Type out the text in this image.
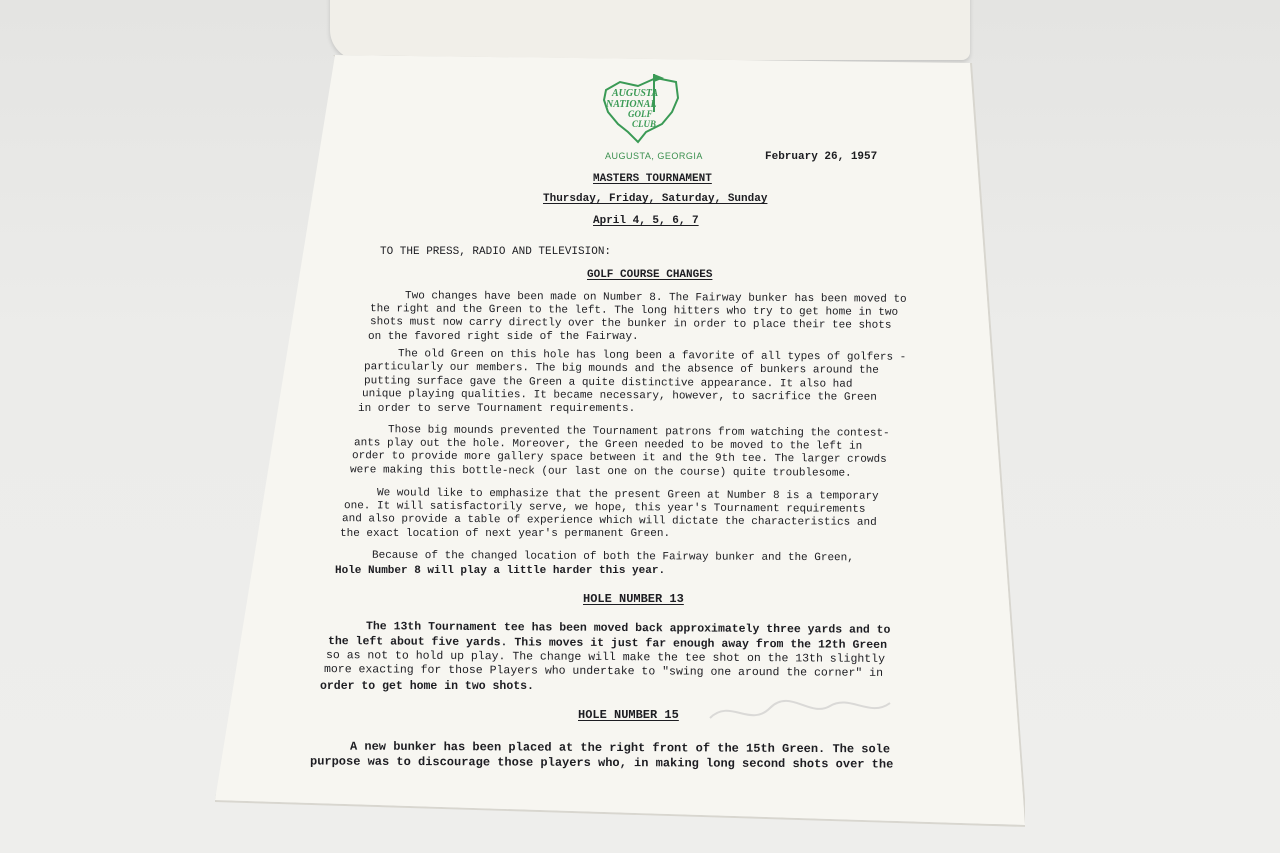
AUGUSTA
NATIONAL
GOLF
CLUB
AUGUSTA, GEORGIA	February 26, 1957
MASTERS TOURNAMENT
Thursday, Friday, Saturday, Sunday
April 4, 5, 6, 7
TO THE PRESS, RADIO AND TELEVISION:
GOLF COURSE CHANGES
Two changes have been made on Number 8. The Fairway bunker has been moved to
the right and the Green to the left. The long hitters who try to get home in two
shots must now carry directly over the bunker in order to place their tee shots
on the favored right side of the Fairway.
The old Green on this hole has long been a favorite of all types of golfers -
particularly our members. The big mounds and the absence of bunkers around the
putting surface gave the Green a quite distinctive appearance. It also had
unique playing qualities. It became necessary, however, to sacrifice the Green
in order to serve Tournament requirements.
Those big mounds prevented the Tournament patrons from watching the contest-
ants play out the hole. Moreover, the Green needed to be moved to the left in
order to provide more gallery space between it and the 9th tee. The larger crowds
were making this bottle-neck (our last one on the course) quite troublesome.
We would like to emphasize that the present Green at Number 8 is a temporary
one. It will satisfactorily serve, we hope, this year's Tournament requirements
and also provide a table of experience which will dictate the characteristics and
the exact location of next year's permanent Green.
Because of the changed location of both the Fairway bunker and the Green,
Hole Number 8 will play a little harder this year.
HOLE NUMBER 13
The 13th Tournament tee has been moved back approximately three yards and to
the left about five yards. This moves it just far enough away from the 12th Green
so as not to hold up play. The change will make the tee shot on the 13th slightly
more exacting for those Players who undertake to "swing one around the corner" in
order to get home in two shots.
HOLE NUMBER 15
A new bunker has been placed at the right front of the 15th Green. The sole
purpose was to discourage those players who, in making long second shots over the
